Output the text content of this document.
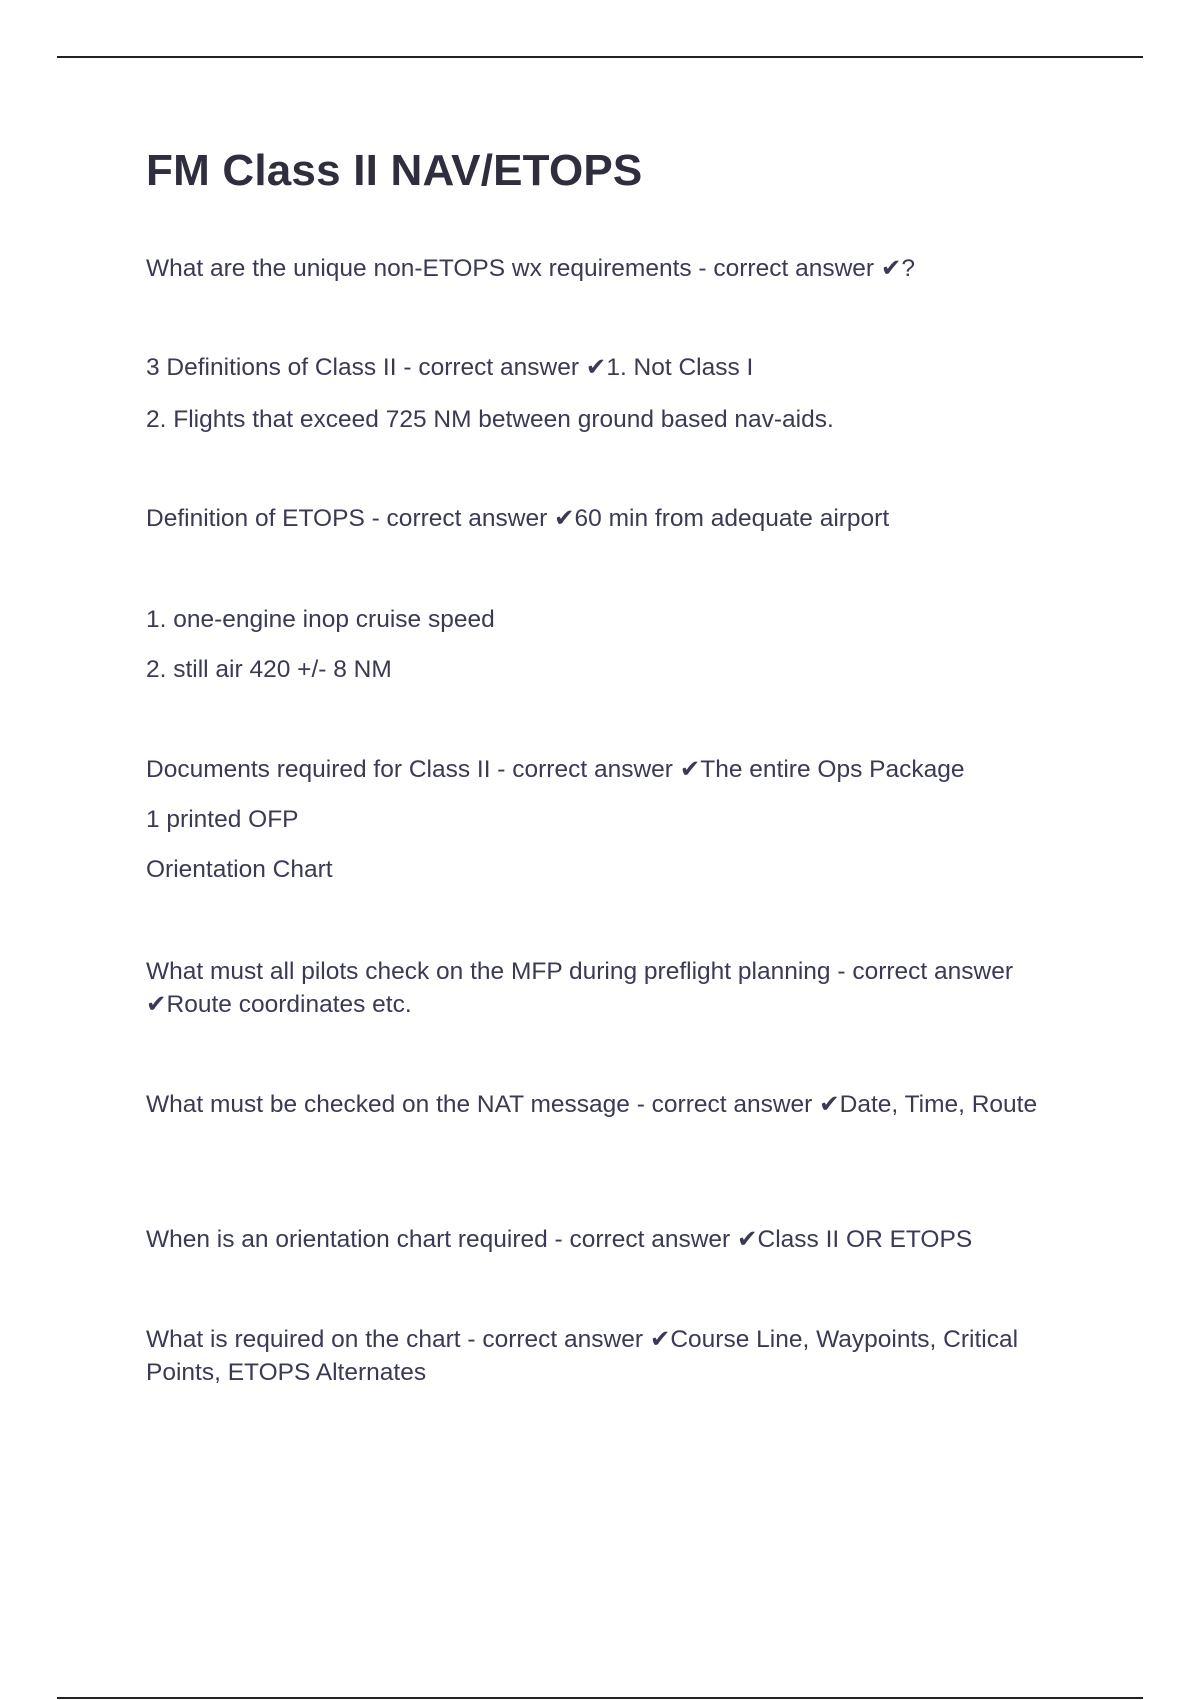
FM Class II NAV/ETOPS
What are the unique non-ETOPS wx requirements - correct answer ✔?
3 Definitions of Class II - correct answer ✔1. Not Class I
2. Flights that exceed 725 NM between ground based nav-aids.
Definition of ETOPS - correct answer ✔60 min from adequate airport
1. one-engine inop cruise speed
2. still air 420 +/- 8 NM
Documents required for Class II - correct answer ✔The entire Ops Package
1 printed OFP
Orientation Chart
What must all pilots check on the MFP during preflight planning - correct answer ✔Route coordinates etc.
What must be checked on the NAT message - correct answer ✔Date, Time, Route
When is an orientation chart required - correct answer ✔Class II OR ETOPS
What is required on the chart - correct answer ✔Course Line, Waypoints, Critical Points, ETOPS Alternates
